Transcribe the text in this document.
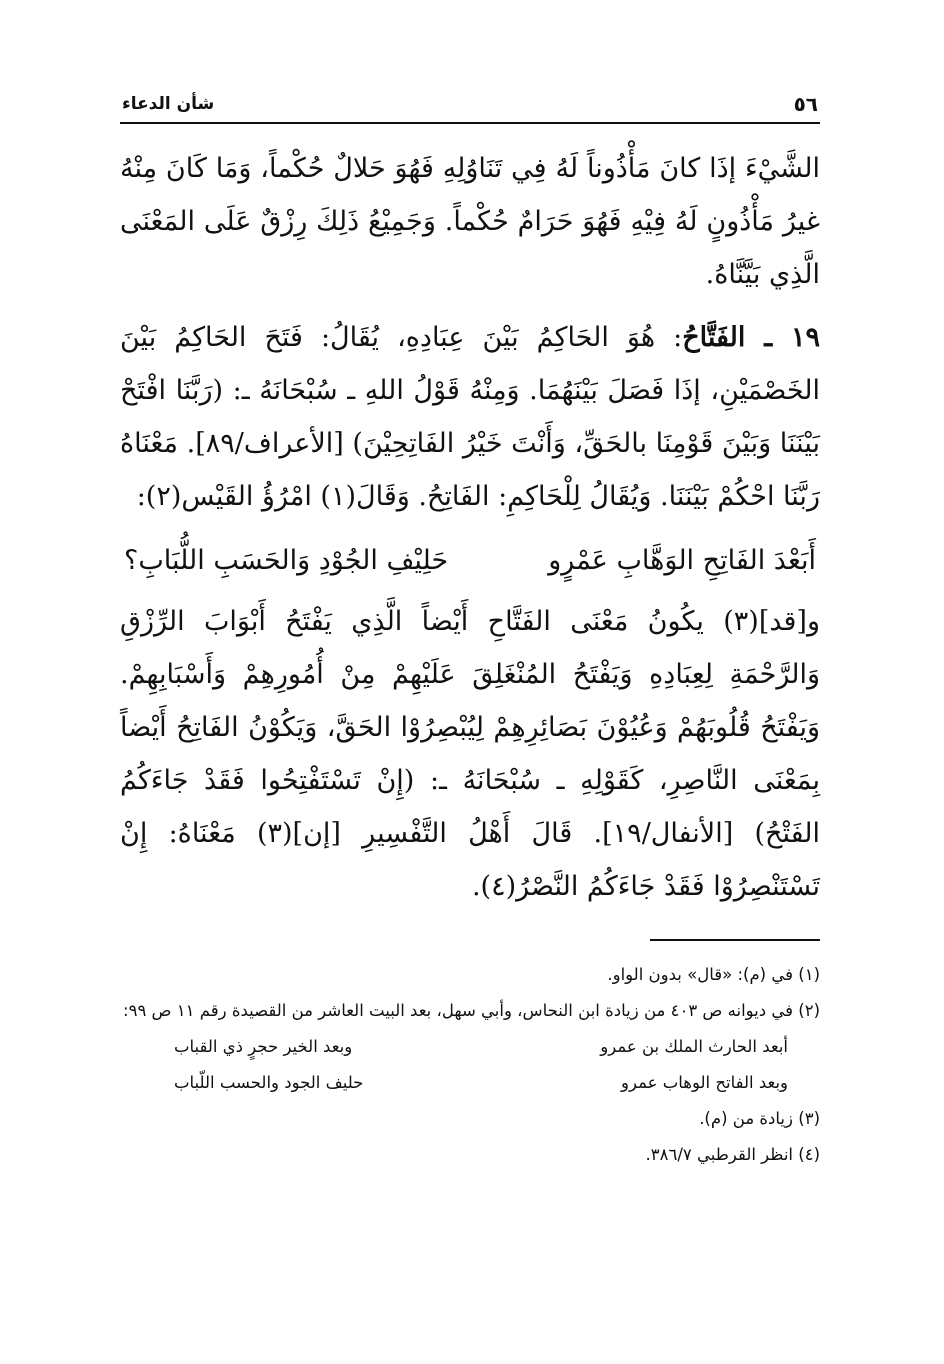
٥٦
شأن الدعاء

الشَّيْءَ إذَا كانَ مَأْذُوناً لَهُ فِي تَنَاوُلِهِ فَهُوَ حَلالٌ حُكْماً، وَمَا كَانَ مِنْهُ غيرُ مَأْذُونٍ لَهُ فِيْهِ فَهُوَ حَرَامٌ حُكْماً. وَجَمِيْعُ ذَلِكَ رِزْقٌ عَلَى المَعْنَى الَّذِي بَيَّنَّاهُ.

١٩ ـ الفَتَّاحُ: هُوَ الحَاكِمُ بَيْنَ عِبَادِهِ، يُقَالُ: فَتَحَ الحَاكِمُ بَيْنَ الخَصْمَيْنِ، إذَا فَصَلَ بَيْنَهُمَا. وَمِنْهُ قَوْلُ اللهِ ـ سُبْحَانَهُ ـ: (رَبَّنَا افْتَحْ بَيْنَنَا وَبَيْنَ قَوْمِنَا بالحَقِّ، وَأَنْتَ خَيْرُ الفَاتِحِيْنَ) [الأعراف/٨٩]. مَعْنَاهُ رَبَّنَا احْكُمْ بَيْنَنَا. وَيُقَالُ لِلْحَاكِمِ: الفَاتِحُ. وَقَالَ(١) امْرُؤُ القَيْس(٢):

أَبَعْدَ الفَاتِحِ الوَهَّابِ عَمْرٍو
حَلِيْفِ الجُوْدِ وَالحَسَبِ اللُّبَابِ؟

و[قد](٣) يكُونُ مَعْنَى الفَتَّاحِ أَيْضاً الَّذِي يَفْتَحُ أَبْوَابَ الرِّزْقِ وَالرَّحْمَةِ لِعِبَادِهِ وَيَفْتَحُ المُنْغَلِقَ عَلَيْهِمْ مِنْ أُمُورِهِمْ وَأَسْبَابِهِمْ. وَيَفْتَحُ قُلُوبَهُمْ وَعُيُوْنَ بَصَائِرِهِمْ لِيُبْصِرُوْا الحَقَّ، وَيَكُوْنُ الفَاتِحُ أَيْضاً بِمَعْنَى النَّاصِرِ، كَقَوْلِهِ ـ سُبْحَانَهُ ـ: (إِنْ تَسْتَفْتِحُوا فَقَدْ جَاءَكُمُ الفَتْحُ) [الأنفال/١٩]. قَالَ أَهْلُ التَّفْسِيرِ [إن](٣) مَعْنَاهُ: إِنْ تَسْتَنْصِرُوْا فَقَدْ جَاءَكُمُ النَّصْرُ(٤).

(١) في (م): «قال» بدون الواو.

(٢) في ديوانه ص ٤٠٣ من زيادة ابن النحاس، وأبي سهل، بعد البيت العاشر من القصيدة رقم ١١ ص ٩٩:

أبعد الحارث الملك بن عمرو
وبعد الخير حجرٍ ذي القباب
وبعد الفاتح الوهاب عمرو
حليف الجود والحسب اللّباب

(٣) زيادة من (م).

(٤) انظر القرطبي ٣٨٦/٧.
